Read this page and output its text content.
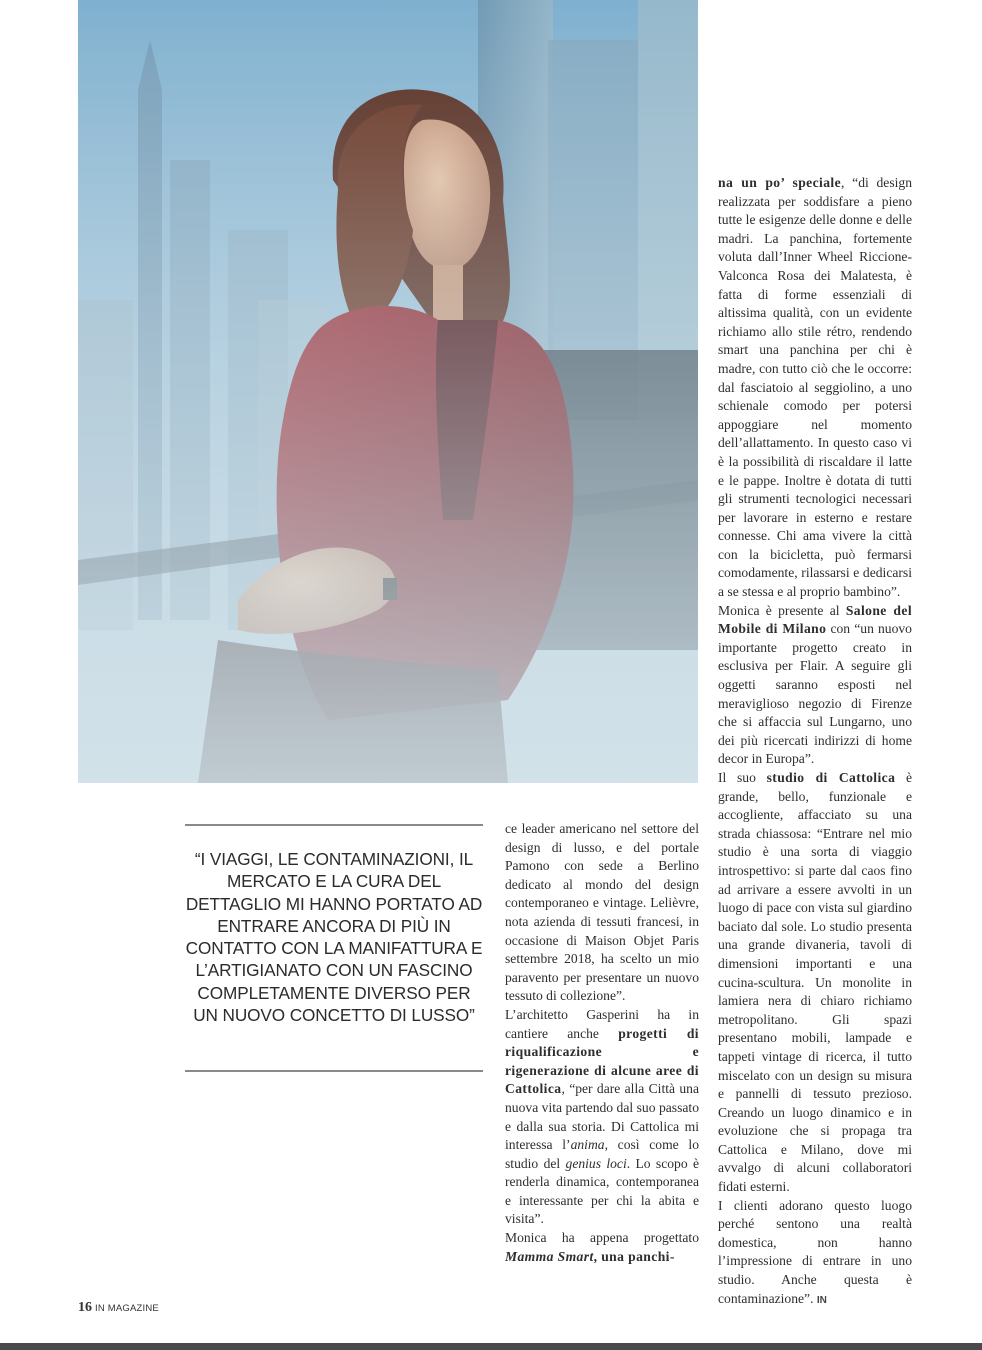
“I VIAGGI, LE CONTAMINAZIONI, IL MERCATO E LA CURA DEL DETTAGLIO MI HANNO PORTATO AD ENTRARE ANCORA DI PIÙ IN CONTATTO CON LA MANIFATTURA E L’ARTIGIANATO CON UN FASCINO COMPLETAMENTE DIVERSO PER UN NUOVO CONCETTO DI LUSSO”

ce leader americano nel settore del design di lusso, e del portale Pamono con sede a Berlino dedicato al mondo del design contemporaneo e vintage. Lelièvre, nota azienda di tessuti francesi, in occasione di Maison Objet Paris settembre 2018, ha scelto un mio paravento per presentare un nuovo tessuto di collezione”.

L’architetto Gasperini ha in cantiere anche progetti di riqualificazione e rigenerazione di alcune aree di Cattolica, “per dare alla Città una nuova vita partendo dal suo passato e dalla sua storia. Di Cattolica mi interessa l’anima, così come lo studio del genius loci. Lo scopo è renderla dinamica, contemporanea e interessante per chi la abita e visita”.

Monica ha appena progettato Mamma Smart, una panchi-

na un po’ speciale, “di design realizzata per soddisfare a pieno tutte le esigenze delle donne e delle madri. La panchina, fortemente voluta dall’Inner Wheel Riccione-Valconca Rosa dei Malatesta, è fatta di forme essenziali di altissima qualità, con un evidente richiamo allo stile rétro, rendendo smart una panchina per chi è madre, con tutto ciò che le occorre: dal fasciatoio al seggiolino, a uno schienale comodo per potersi appoggiare nel momento dell’allattamento. In questo caso vi è la possibilità di riscaldare il latte e le pappe. Inoltre è dotata di tutti gli strumenti tecnologici necessari per lavorare in esterno e restare connesse. Chi ama vivere la città con la bicicletta, può fermarsi comodamente, rilassarsi e dedicarsi a se stessa e al proprio bambino”.

Monica è presente al Salone del Mobile di Milano con “un nuovo importante progetto creato in esclusiva per Flair. A seguire gli oggetti saranno esposti nel meraviglioso negozio di Firenze che si affaccia sul Lungarno, uno dei più ricercati indirizzi di home decor in Europa”.

Il suo studio di Cattolica è grande, bello, funzionale e accogliente, affacciato su una strada chiassosa: “Entrare nel mio studio è una sorta di viaggio introspettivo: si parte dal caos fino ad arrivare a essere avvolti in un luogo di pace con vista sul giardino baciato dal sole. Lo studio presenta una grande divaneria, tavoli di dimensioni importanti e una cucina-scultura. Un monolite in lamiera nera di chiaro richiamo metropolitano. Gli spazi presentano mobili, lampade e tappeti vintage di ricerca, il tutto miscelato con un design su misura e pannelli di tessuto prezioso. Creando un luogo dinamico e in evoluzione che si propaga tra Cattolica e Milano, dove mi avvalgo di alcuni collaboratori fidati esterni.

I clienti adorano questo luogo perché sentono una realtà domestica, non hanno l’impressione di entrare in uno studio. Anche questa è contaminazione”. IN

16 IN MAGAZINE
